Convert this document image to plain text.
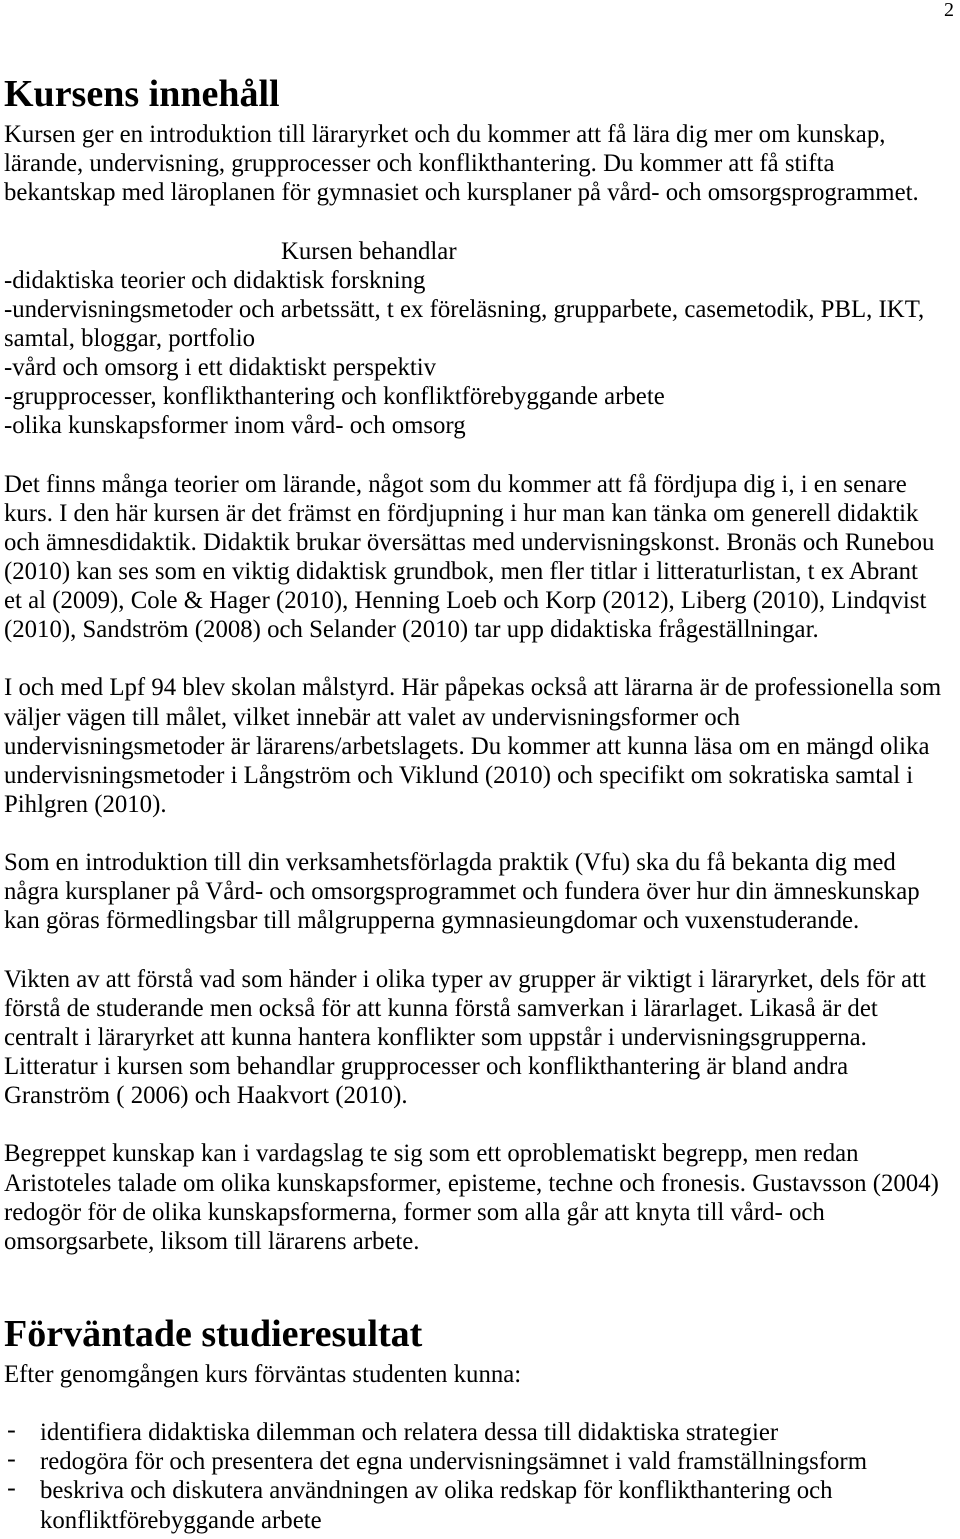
2
Kursens innehåll
Kursen ger en introduktion till läraryrket och du kommer att få lära dig mer om kunskap,
lärande, undervisning, grupprocesser och konflikthantering. Du kommer att få stifta
bekantskap med läroplanen för gymnasiet och kursplaner på vård- och omsorgsprogrammet.
Kursen behandlar
-didaktiska teorier och didaktisk forskning
-undervisningsmetoder och arbetssätt, t ex föreläsning, grupparbete, casemetodik, PBL, IKT,
samtal, bloggar, portfolio
-vård och omsorg i ett didaktiskt perspektiv
-grupprocesser, konflikthantering och konfliktförebyggande arbete
-olika kunskapsformer inom vård- och omsorg
Det finns många teorier om lärande, något som du kommer att få fördjupa dig i, i en senare
kurs. I den här kursen är det främst en fördjupning i hur man kan tänka om generell didaktik
och ämnesdidaktik. Didaktik brukar översättas med undervisningskonst. Bronäs och Runebou
(2010) kan ses som en viktig didaktisk grundbok, men fler titlar i litteraturlistan, t ex Abrant
et al (2009), Cole & Hager (2010), Henning Loeb och Korp (2012), Liberg (2010), Lindqvist
(2010), Sandström (2008) och Selander (2010) tar upp didaktiska frågeställningar.
I och med Lpf 94 blev skolan målstyrd. Här påpekas också att lärarna är de professionella som
väljer vägen till målet, vilket innebär att valet av undervisningsformer och
undervisningsmetoder är lärarens/arbetslagets. Du kommer att kunna läsa om en mängd olika
undervisningsmetoder i Långström och Viklund (2010) och specifikt om sokratiska samtal i
Pihlgren (2010).
Som en introduktion till din verksamhetsförlagda praktik (Vfu) ska du få bekanta dig med
några kursplaner på Vård- och omsorgsprogrammet och fundera över hur din ämneskunskap
kan göras förmedlingsbar till målgrupperna gymnasieungdomar och vuxenstuderande.
Vikten av att förstå vad som händer i olika typer av grupper är viktigt i läraryrket, dels för att
förstå de studerande men också för att kunna förstå samverkan i lärarlaget. Likaså är det
centralt i läraryrket att kunna hantera konflikter som uppstår i undervisningsgrupperna.
Litteratur i kursen som behandlar grupprocesser och konflikthantering är bland andra
Granström ( 2006) och Haakvort (2010).
Begreppet kunskap kan i vardagslag te sig som ett oproblematiskt begrepp, men redan
Aristoteles talade om olika kunskapsformer, episteme, techne och fronesis. Gustavsson (2004)
redogör för de olika kunskapsformerna, former som alla går att knyta till vård- och
omsorgsarbete, liksom till lärarens arbete.
Förväntade studieresultat
Efter genomgången kurs förväntas studenten kunna:
- identifiera didaktiska dilemman och relatera dessa till didaktiska strategier
- redogöra för och presentera det egna undervisningsämnet i vald framställningsform
- beskriva och diskutera användningen av olika redskap för konflikthantering och
konfliktförebyggande arbete
